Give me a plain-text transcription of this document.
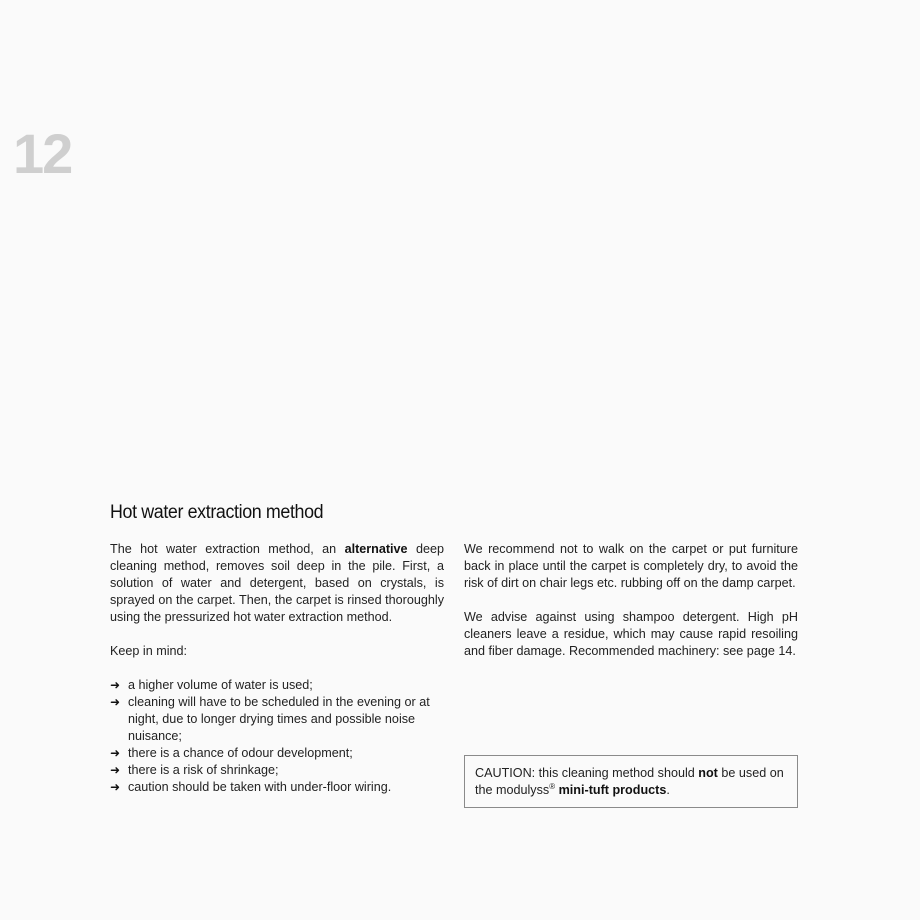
12
Hot water extraction method

The hot water extraction method, an alternative deep cleaning method, removes soil deep in the pile. First, a solution of water and detergent, based on crystals, is sprayed on the carpet. Then, the carpet is rinsed thoroughly using the pressurized hot water extraction method.

Keep in mind:

➜ a higher volume of water is used;
➜ cleaning will have to be scheduled in the evening or at night, due to longer drying times and possible noise nuisance;
➜ there is a chance of odour development;
➜ there is a risk of shrinkage;
➜ caution should be taken with under-floor wiring.

We recommend not to walk on the carpet or put furniture back in place until the carpet is completely dry, to avoid the risk of dirt on chair legs etc. rubbing off on the damp carpet.

We advise against using shampoo detergent. High pH cleaners leave a residue, which may cause rapid resoiling and fiber damage. Recommended machinery: see page 14.

CAUTION: this cleaning method should not be used on the modulyss® mini-tuft products.
